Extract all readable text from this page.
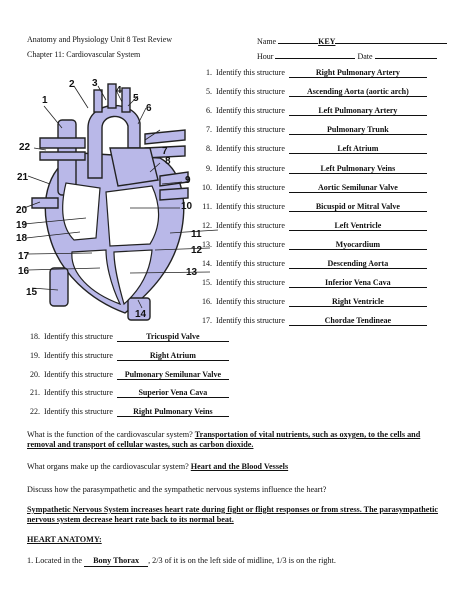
Anatomy and Physiology Unit 8 Test Review
Chapter 11: Cardiovascular System
Name	KEY
Hour	Date
1
2 3
4
5
6
7
8
9
10
11
12
13
14
15
16
17
18
19
20
21
22
1. Identify this structure	Right Pulmonary Artery
5. Identify this structure	Ascending Aorta (aortic arch)
6. Identify this structure	Left Pulmonary Artery
7. Identify this structure	Pulmonary Trunk
8. Identify this structure	Left Atrium
9. Identify this structure	Left Pulmonary Veins
10. Identify this structure	Aortic Semilunar Valve
11. Identify this structure	Bicuspid or Mitral Valve
12. Identify this structure	Left Ventricle
13. Identify this structure	Myocardium
14. Identify this structure	Descending Aorta
15. Identify this structure	Inferior Vena Cava
16. Identify this structure	Right Ventricle
17. Identify this structure	Chordae Tendineae
18. Identify this structure	Tricuspid Valve
19. Identify this structure	Right Atrium
20. Identify this structure Pulmonary Semilunar Valve
21. Identify this structure	Superior Vena Cava
22. Identify this structure	Right Pulmonary Veins
What is the function of the cardiovascular system? Transportation of vital nutrients, such as oxygen, to the cells and removal and transport of cellular wastes, such as carbon dioxide.
What organs make up the cardiovascular system? Heart and the Blood Vessels
Discuss how the parasympathetic and the sympathetic nervous systems influence the heart?
Sympathetic Nervous System increases heart rate during fight or flight responses or from stress. The parasympathetic nervous system decrease heart rate back to its normal beat.
HEART ANATOMY:
1. Located in the Bony Thorax , 2/3 of it is on the left side of midline, 1/3 is on the right.
